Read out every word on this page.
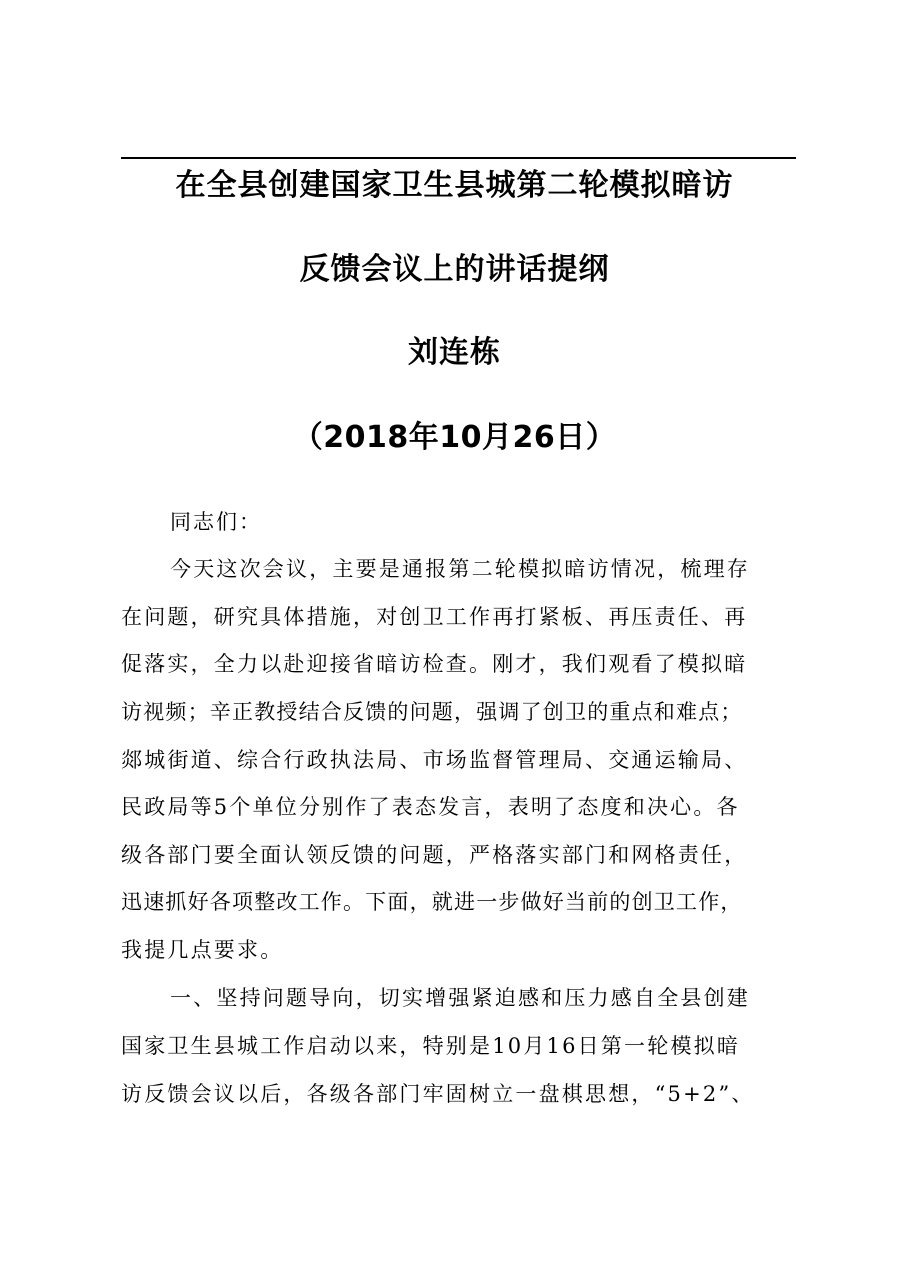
在全县创建国家卫生县城第二轮模拟暗访
反馈会议上的讲话提纲
刘连栋
（2018年10月26日）
同志们：
今天这次会议，主要是通报第二轮模拟暗访情况，梳理存
在问题，研究具体措施，对创卫工作再打紧板、再压责任、再
促落实，全力以赴迎接省暗访检查。刚才，我们观看了模拟暗
访视频；辛正教授结合反馈的问题，强调了创卫的重点和难点；
郯城街道、综合行政执法局、市场监督管理局、交通运输局、
民政局等5个单位分别作了表态发言，表明了态度和决心。各
级各部门要全面认领反馈的问题，严格落实部门和网格责任，
迅速抓好各项整改工作。下面，就进一步做好当前的创卫工作，
我提几点要求。
一、坚持问题导向，切实增强紧迫感和压力感自全县创建
国家卫生县城工作启动以来，特别是10月16日第一轮模拟暗
访反馈会议以后，各级各部门牢固树立一盘棋思想，“5+2”、
